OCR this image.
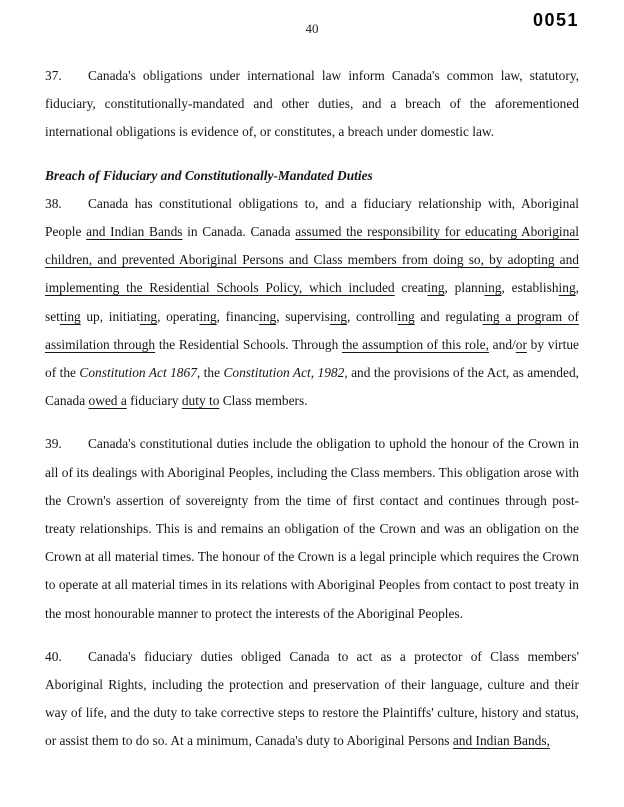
40	0051

37. Canada's obligations under international law inform Canada's common law, statutory, fiduciary, constitutionally-mandated and other duties, and a breach of the aforementioned international obligations is evidence of, or constitutes, a breach under domestic law.

Breach of Fiduciary and Constitutionally-Mandated Duties

38. Canada has constitutional obligations to, and a fiduciary relationship with, Aboriginal People and Indian Bands in Canada. Canada assumed the responsibility for educating Aboriginal children, and prevented Aboriginal Persons and Class members from doing so, by adopting and implementing the Residential Schools Policy, which included creating, planning, establishing, setting up, initiating, operating, financing, supervising, controlling and regulating a program of assimilation through the Residential Schools. Through the assumption of this role, and/or by virtue of the Constitution Act 1867, the Constitution Act, 1982, and the provisions of the Act, as amended, Canada owed a fiduciary duty to Class members.

39. Canada's constitutional duties include the obligation to uphold the honour of the Crown in all of its dealings with Aboriginal Peoples, including the Class members. This obligation arose with the Crown's assertion of sovereignty from the time of first contact and continues through post-treaty relationships. This is and remains an obligation of the Crown and was an obligation on the Crown at all material times. The honour of the Crown is a legal principle which requires the Crown to operate at all material times in its relations with Aboriginal Peoples from contact to post treaty in the most honourable manner to protect the interests of the Aboriginal Peoples.

40. Canada's fiduciary duties obliged Canada to act as a protector of Class members' Aboriginal Rights, including the protection and preservation of their language, culture and their way of life, and the duty to take corrective steps to restore the Plaintiffs' culture, history and status, or assist them to do so. At a minimum, Canada's duty to Aboriginal Persons and Indian Bands,
